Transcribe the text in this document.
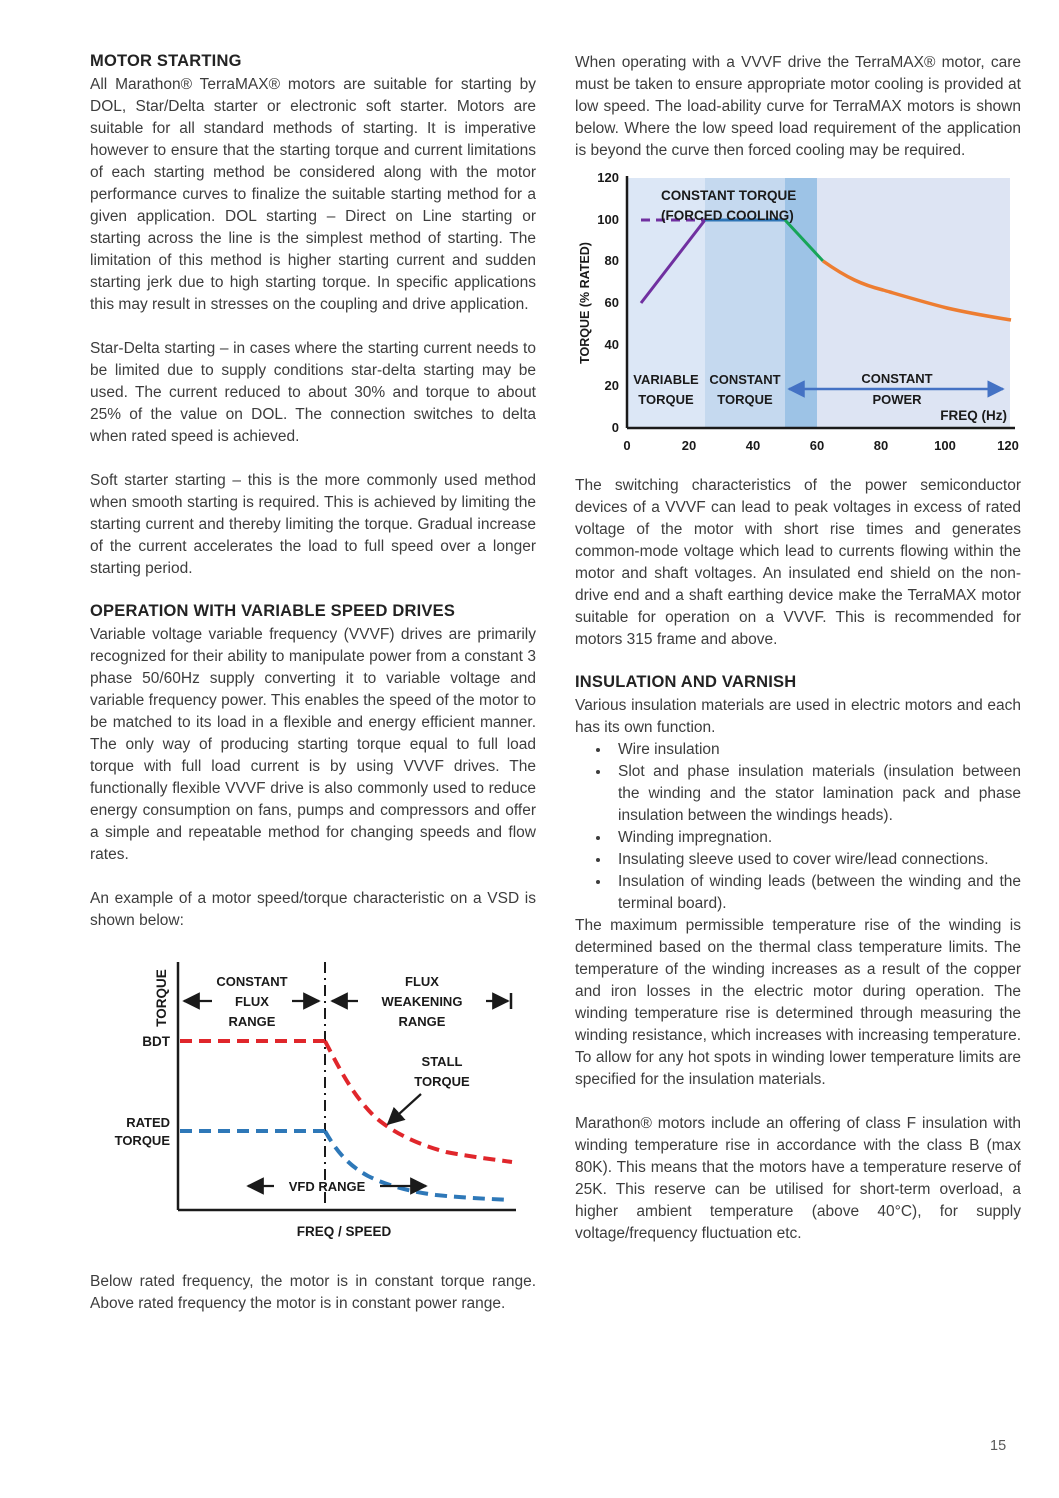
MOTOR STARTING

All Marathon® TerraMAX® motors are suitable for starting by DOL, Star/Delta starter or electronic soft starter. Motors are suitable for all standard methods of starting. It is imperative however to ensure that the starting torque and current limitations of each starting method be considered along with the motor performance curves to finalize the suitable starting method for a given application. DOL starting – Direct on Line starting or starting across the line is the simplest method of starting. The limitation of this method is higher starting current and sudden starting jerk due to high starting torque. In specific applications this may result in stresses on the coupling and drive application.

Star-Delta starting – in cases where the starting current needs to be limited due to supply conditions star-delta starting may be used. The current reduced to about 30% and torque to about 25% of the value on DOL. The connection switches to delta when rated speed is achieved.

Soft starter starting – this is the more commonly used method when smooth starting is required. This is achieved by limiting the starting current and thereby limiting the torque. Gradual increase of the current accelerates the load to full speed over a longer starting period.

OPERATION WITH VARIABLE SPEED DRIVES

Variable voltage variable frequency (VVVF) drives are primarily recognized for their ability to manipulate power from a constant 3 phase 50/60Hz supply converting it to variable voltage and variable frequency power. This enables the speed of the motor to be matched to its load in a flexible and energy efficient manner. The only way of producing starting torque equal to full load torque with full load current is by using VVVF drives. The functionally flexible VVVF drive is also commonly used to reduce energy consumption on fans, pumps and compressors and offer a simple and repeatable method for changing speeds and flow rates.

An example of a motor speed/torque characteristic on a VSD is shown below:

TORQUE
FREQ / SPEED
CONSTANT
FLUX
RANGE
FLUX
WEAKENING
RANGE
BDT
RATED
TORQUE
STALL
TORQUE
VFD RANGE

Below rated frequency, the motor is in constant torque range. Above rated frequency the motor is in constant power range.

When operating with a VVVF drive the TerraMAX® motor, care must be taken to ensure appropriate motor cooling is provided at low speed. The load-ability curve for TerraMAX motors is shown below. Where the low speed load requirement of the application is beyond the curve then forced cooling may be required.

CONSTANT TORQUE
(FORCED COOLING)
0
20
40
60
80
100
120
0	20	40	60	80	100	120
TORQUE (% RATED)
VARIABLE
TORQUE
CONSTANT
TORQUE
CONSTANT
POWER
FREQ (Hz)

The switching characteristics of the power semiconductor devices of a VVVF can lead to peak voltages in excess of rated voltage of the motor with short rise times and generates common-mode voltage which lead to currents flowing within the motor and shaft voltages. An insulated end shield on the non-drive end and a shaft earthing device make the TerraMAX motor suitable for operation on a VVVF. This is recommended for motors 315 frame and above.

INSULATION AND VARNISH

Various insulation materials are used in electric motors and each has its own function.

• Wire insulation
• Slot and phase insulation materials (insulation between the winding and the stator lamination pack and phase insulation between the windings heads).
• Winding impregnation.
• Insulating sleeve used to cover wire/lead connections.
• Insulation of winding leads (between the winding and the terminal board).

The maximum permissible temperature rise of the winding is determined based on the thermal class temperature limits. The temperature of the winding increases as a result of the copper and iron losses in the electric motor during operation. The winding temperature rise is determined through measuring the winding resistance, which increases with increasing temperature. To allow for any hot spots in winding lower temperature limits are specified for the insulation materials.

Marathon® motors include an offering of class F insulation with winding temperature rise in accordance with the class B (max 80K). This means that the motors have a temperature reserve of 25K. This reserve can be utilised for short-term overload, a higher ambient temperature (above 40°C), for supply voltage/frequency fluctuation etc.

15
